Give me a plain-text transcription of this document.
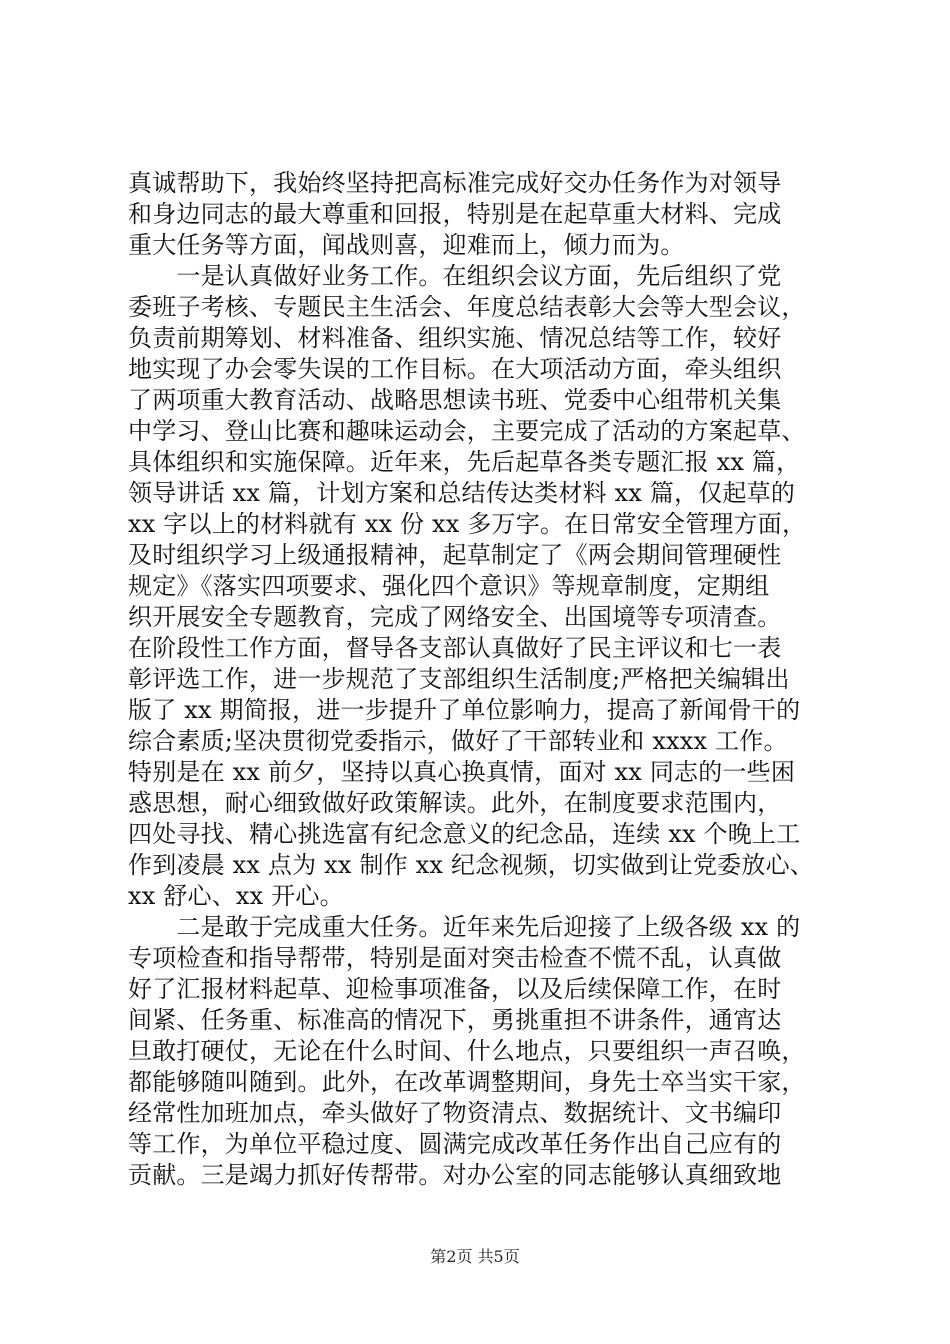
真诚帮助下，我始终坚持把高标准完成好交办任务作为对领导
和身边同志的最大尊重和回报，特别是在起草重大材料、完成
重大任务等方面，闻战则喜，迎难而上，倾力而为。
　　一是认真做好业务工作。在组织会议方面，先后组织了党
委班子考核、专题民主生活会、年度总结表彰大会等大型会议，
负责前期筹划、材料准备、组织实施、情况总结等工作，较好
地实现了办会零失误的工作目标。在大项活动方面，牵头组织
了两项重大教育活动、战略思想读书班、党委中心组带机关集
中学习、登山比赛和趣味运动会，主要完成了活动的方案起草、
具体组织和实施保障。近年来，先后起草各类专题汇报 xx 篇，
领导讲话 xx 篇，计划方案和总结传达类材料 xx 篇，仅起草的
xx 字以上的材料就有 xx 份 xx 多万字。在日常安全管理方面，
及时组织学习上级通报精神，起草制定了《两会期间管理硬性
规定》《落实四项要求、强化四个意识》等规章制度，定期组
织开展安全专题教育，完成了网络安全、出国境等专项清查。
在阶段性工作方面，督导各支部认真做好了民主评议和七一表
彰评选工作，进一步规范了支部组织生活制度;严格把关编辑出
版了 xx 期简报，进一步提升了单位影响力，提高了新闻骨干的
综合素质;坚决贯彻党委指示，做好了干部转业和 xxxx 工作。
特别是在 xx 前夕，坚持以真心换真情，面对 xx 同志的一些困
惑思想，耐心细致做好政策解读。此外，在制度要求范围内，
四处寻找、精心挑选富有纪念意义的纪念品，连续 xx 个晚上工
作到凌晨 xx 点为 xx 制作 xx 纪念视频，切实做到让党委放心、
xx 舒心、xx 开心。
　　二是敢于完成重大任务。近年来先后迎接了上级各级 xx 的
专项检查和指导帮带，特别是面对突击检查不慌不乱，认真做
好了汇报材料起草、迎检事项准备，以及后续保障工作，在时
间紧、任务重、标准高的情况下，勇挑重担不讲条件，通宵达
旦敢打硬仗，无论在什么时间、什么地点，只要组织一声召唤，
都能够随叫随到。此外，在改革调整期间，身先士卒当实干家，
经常性加班加点，牵头做好了物资清点、数据统计、文书编印
等工作，为单位平稳过度、圆满完成改革任务作出自己应有的
贡献。三是竭力抓好传帮带。对办公室的同志能够认真细致地
第2页 共5页
